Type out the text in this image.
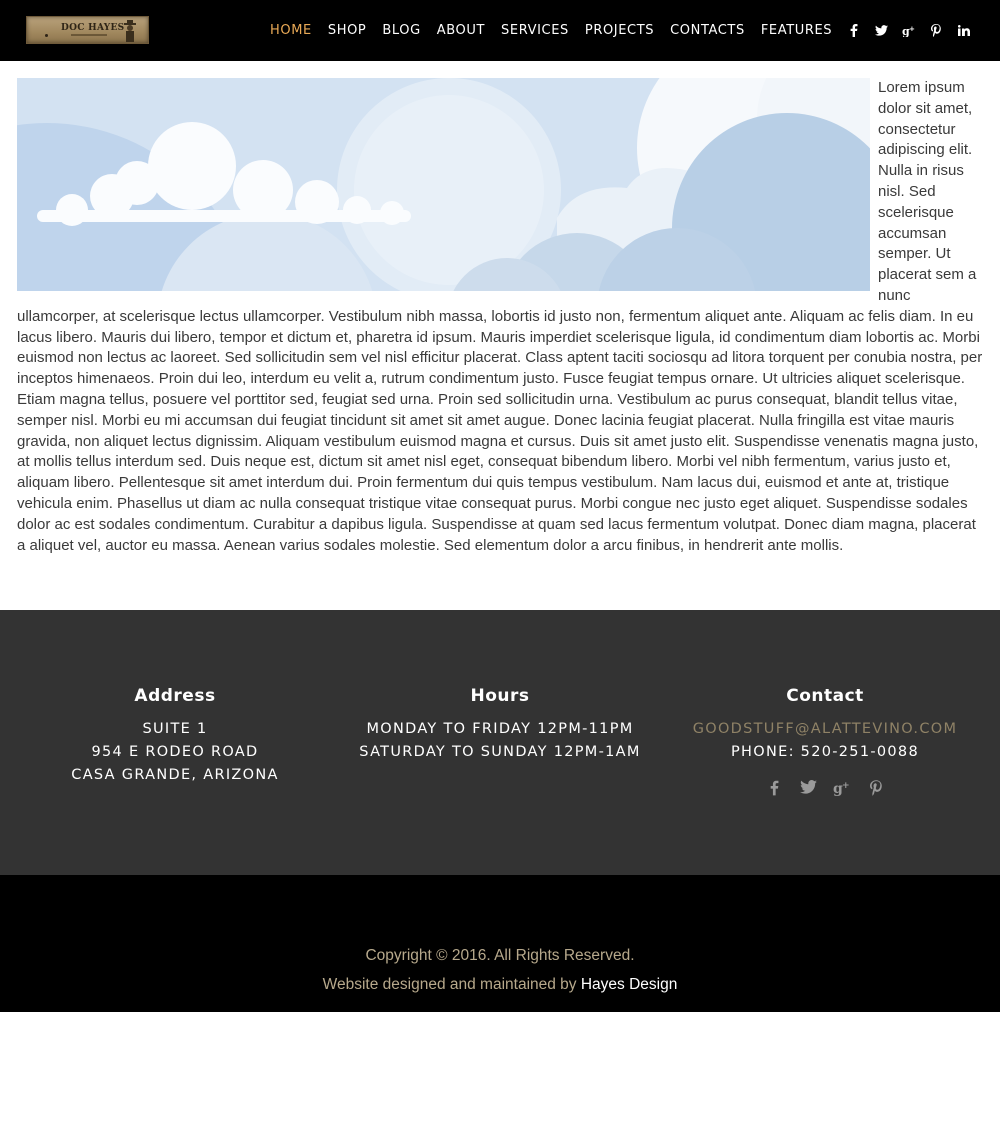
DOC HAYES	HOME	SHOP	BLOG	ABOUT	SERVICES	PROJECTS	CONTACTS	FEATURES	g +

Lorem ipsum dolor sit amet, consectetur adipiscing elit. Nulla in risus nisl. Sed scelerisque accumsan semper. Ut placerat sem a nunc ullamcorper, at scelerisque lectus ullamcorper. Vestibulum nibh massa, lobortis id justo non, fermentum aliquet ante. Aliquam ac felis diam. In eu lacus libero. Mauris dui libero, tempor et dictum et, pharetra id ipsum. Mauris imperdiet scelerisque ligula, id condimentum diam lobortis ac. Morbi euismod non lectus ac laoreet. Sed sollicitudin sem vel nisl efficitur placerat. Class aptent taciti sociosqu ad litora torquent per conubia nostra, per inceptos himenaeos. Proin dui leo, interdum eu velit a, rutrum condimentum justo. Fusce feugiat tempus ornare. Ut ultricies aliquet scelerisque. Etiam magna tellus, posuere vel porttitor sed, feugiat sed urna. Proin sed sollicitudin urna. Vestibulum ac purus consequat, blandit tellus vitae, semper nisl. Morbi eu mi accumsan dui feugiat tincidunt sit amet sit amet augue. Donec lacinia feugiat placerat. Nulla fringilla est vitae mauris gravida, non aliquet lectus dignissim. Aliquam vestibulum euismod magna et cursus. Duis sit amet justo elit. Suspendisse venenatis magna justo, at mollis tellus interdum sed. Duis neque est, dictum sit amet nisl eget, consequat bibendum libero. Morbi vel nibh fermentum, varius justo et, aliquam libero. Pellentesque sit amet interdum dui. Proin fermentum dui quis tempus vestibulum. Nam lacus dui, euismod et ante at, tristique vehicula enim. Phasellus ut diam ac nulla consequat tristique vitae consequat purus. Morbi congue nec justo eget aliquet. Suspendisse sodales dolor ac est sodales condimentum. Curabitur a dapibus ligula. Suspendisse at quam sed lacus fermentum volutpat. Donec diam magna, placerat a aliquet vel, auctor eu massa. Aenean varius sodales molestie. Sed elementum dolor a arcu finibus, in hendrerit ante mollis.

Address
SUITE 1
954 E RODEO ROAD
CASA GRANDE, ARIZONA
Hours
MONDAY TO FRIDAY 12PM-11PM
SATURDAY TO SUNDAY 12PM-1AM
Contact
GOODSTUFF@ALATTEVINO.COM
PHONE: 520-251-0088
g +
Copyright © 2016. All Rights Reserved.
Website designed and maintained by Hayes Design
